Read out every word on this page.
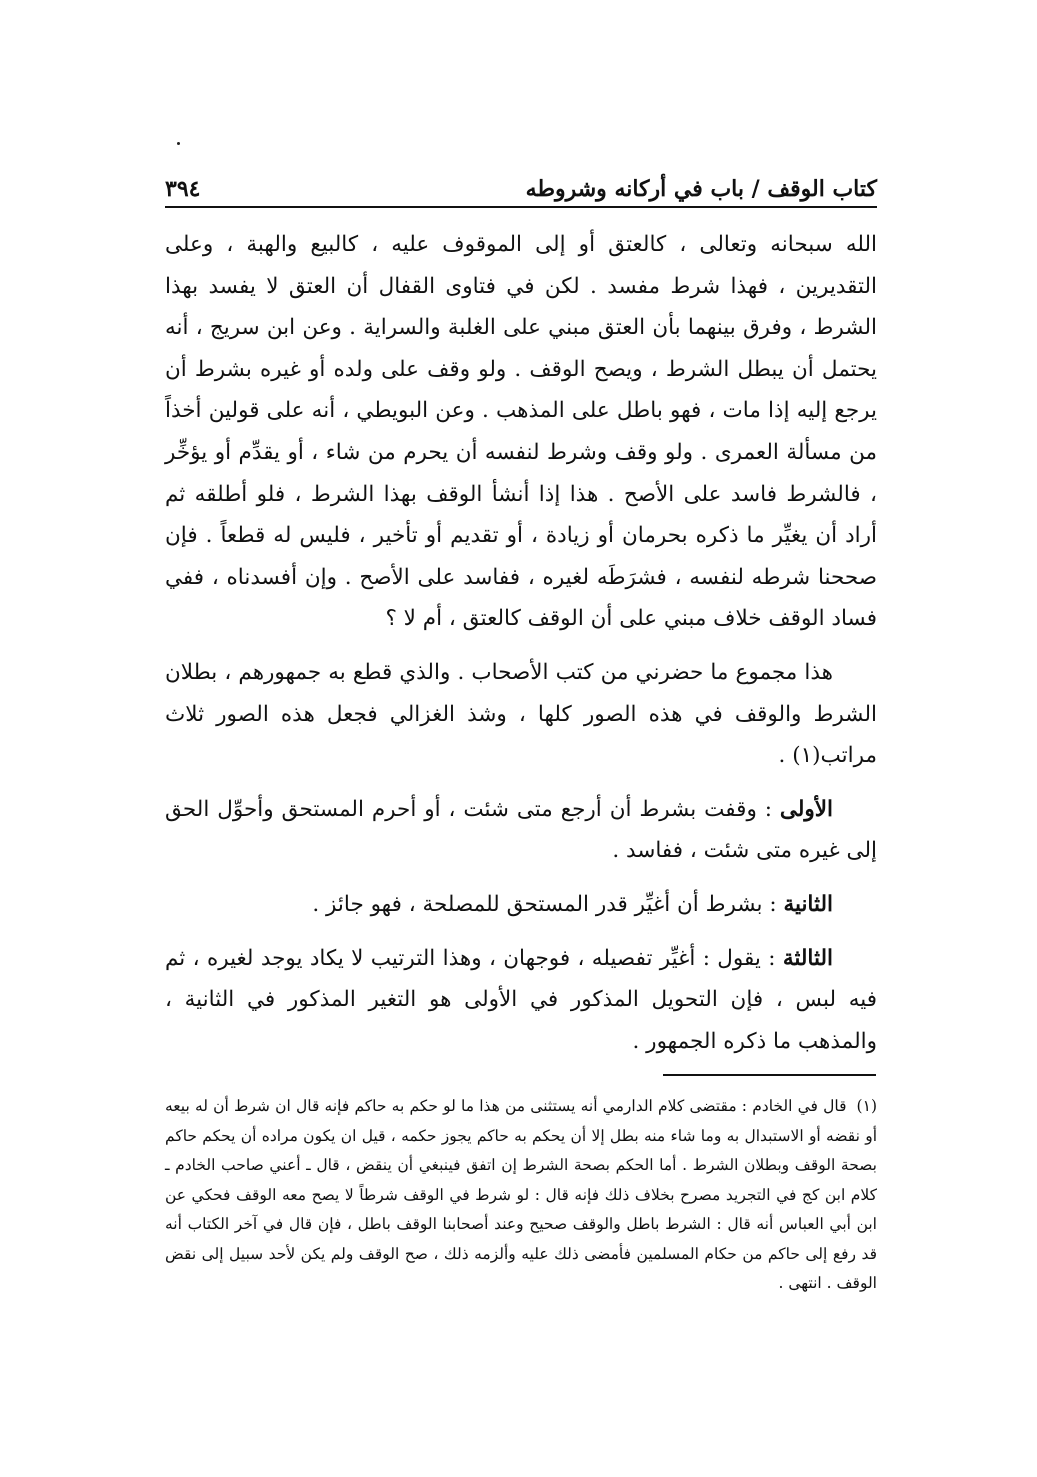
كتاب الوقف / باب في أركانه وشروطه
٣٩٤

الله سبحانه وتعالى ، كالعتق أو إلى الموقوف عليه ، كالبيع والهبة ، وعلى التقديرين ، فهذا شرط مفسد . لكن في فتاوى القفال أن العتق لا يفسد بهذا الشرط ، وفرق بينهما بأن العتق مبني على الغلبة والسراية . وعن ابن سريج ، أنه يحتمل أن يبطل الشرط ، ويصح الوقف . ولو وقف على ولده أو غيره بشرط أن يرجع إليه إذا مات ، فهو باطل على المذهب . وعن البويطي ، أنه على قولين أخذاً من مسألة العمرى . ولو وقف وشرط لنفسه أن يحرم من شاء ، أو يقدِّم أو يؤخِّر ، فالشرط فاسد على الأصح . هذا إذا أنشأ الوقف بهذا الشرط ، فلو أطلقه ثم أراد أن يغيِّر ما ذكره بحرمان أو زيادة ، أو تقديم أو تأخير ، فليس له قطعاً . فإن صححنا شرطه لنفسه ، فشرَطَه لغيره ، ففاسد على الأصح . وإن أفسدناه ، ففي فساد الوقف خلاف مبني على أن الوقف كالعتق ، أم لا ؟

هذا مجموع ما حضرني من كتب الأصحاب . والذي قطع به جمهورهم ، بطلان الشرط والوقف في هذه الصور كلها ، وشذ الغزالي فجعل هذه الصور ثلاث مراتب(١) .

الأولى : وقفت بشرط أن أرجع متى شئت ، أو أحرم المستحق وأحوِّل الحق إلى غيره متى شئت ، ففاسد .

الثانية : بشرط أن أغيِّر قدر المستحق للمصلحة ، فهو جائز .

الثالثة : يقول : أغيِّر تفصيله ، فوجهان ، وهذا الترتيب لا يكاد يوجد لغيره ، ثم فيه لبس ، فإن التحويل المذكور في الأولى هو التغير المذكور في الثانية ، والمذهب ما ذكره الجمهور .

(١)قال في الخادم : مقتضى كلام الدارمي أنه يستثنى من هذا ما لو حكم به حاكم فإنه قال ان شرط أن له بيعه أو نقضه أو الاستبدال به وما شاء منه بطل إلا أن يحكم به حاكم يجوز حكمه ، قيل ان يكون مراده أن يحكم حاكم بصحة الوقف وبطلان الشرط . أما الحكم بصحة الشرط إن اتفق فينبغي أن ينقض ، قال ـ أعني صاحب الخادم ـ كلام ابن كج في التجريد مصرح بخلاف ذلك فإنه قال : لو شرط في الوقف شرطاً لا يصح معه الوقف فحكي عن ابن أبي العباس أنه قال : الشرط باطل والوقف صحيح وعند أصحابنا الوقف باطل ، فإن قال في آخر الكتاب أنه قد رفع إلى حاكم من حكام المسلمين فأمضى ذلك عليه وألزمه ذلك ، صح الوقف ولم يكن لأحد سبيل إلى نقض الوقف . انتهى .
